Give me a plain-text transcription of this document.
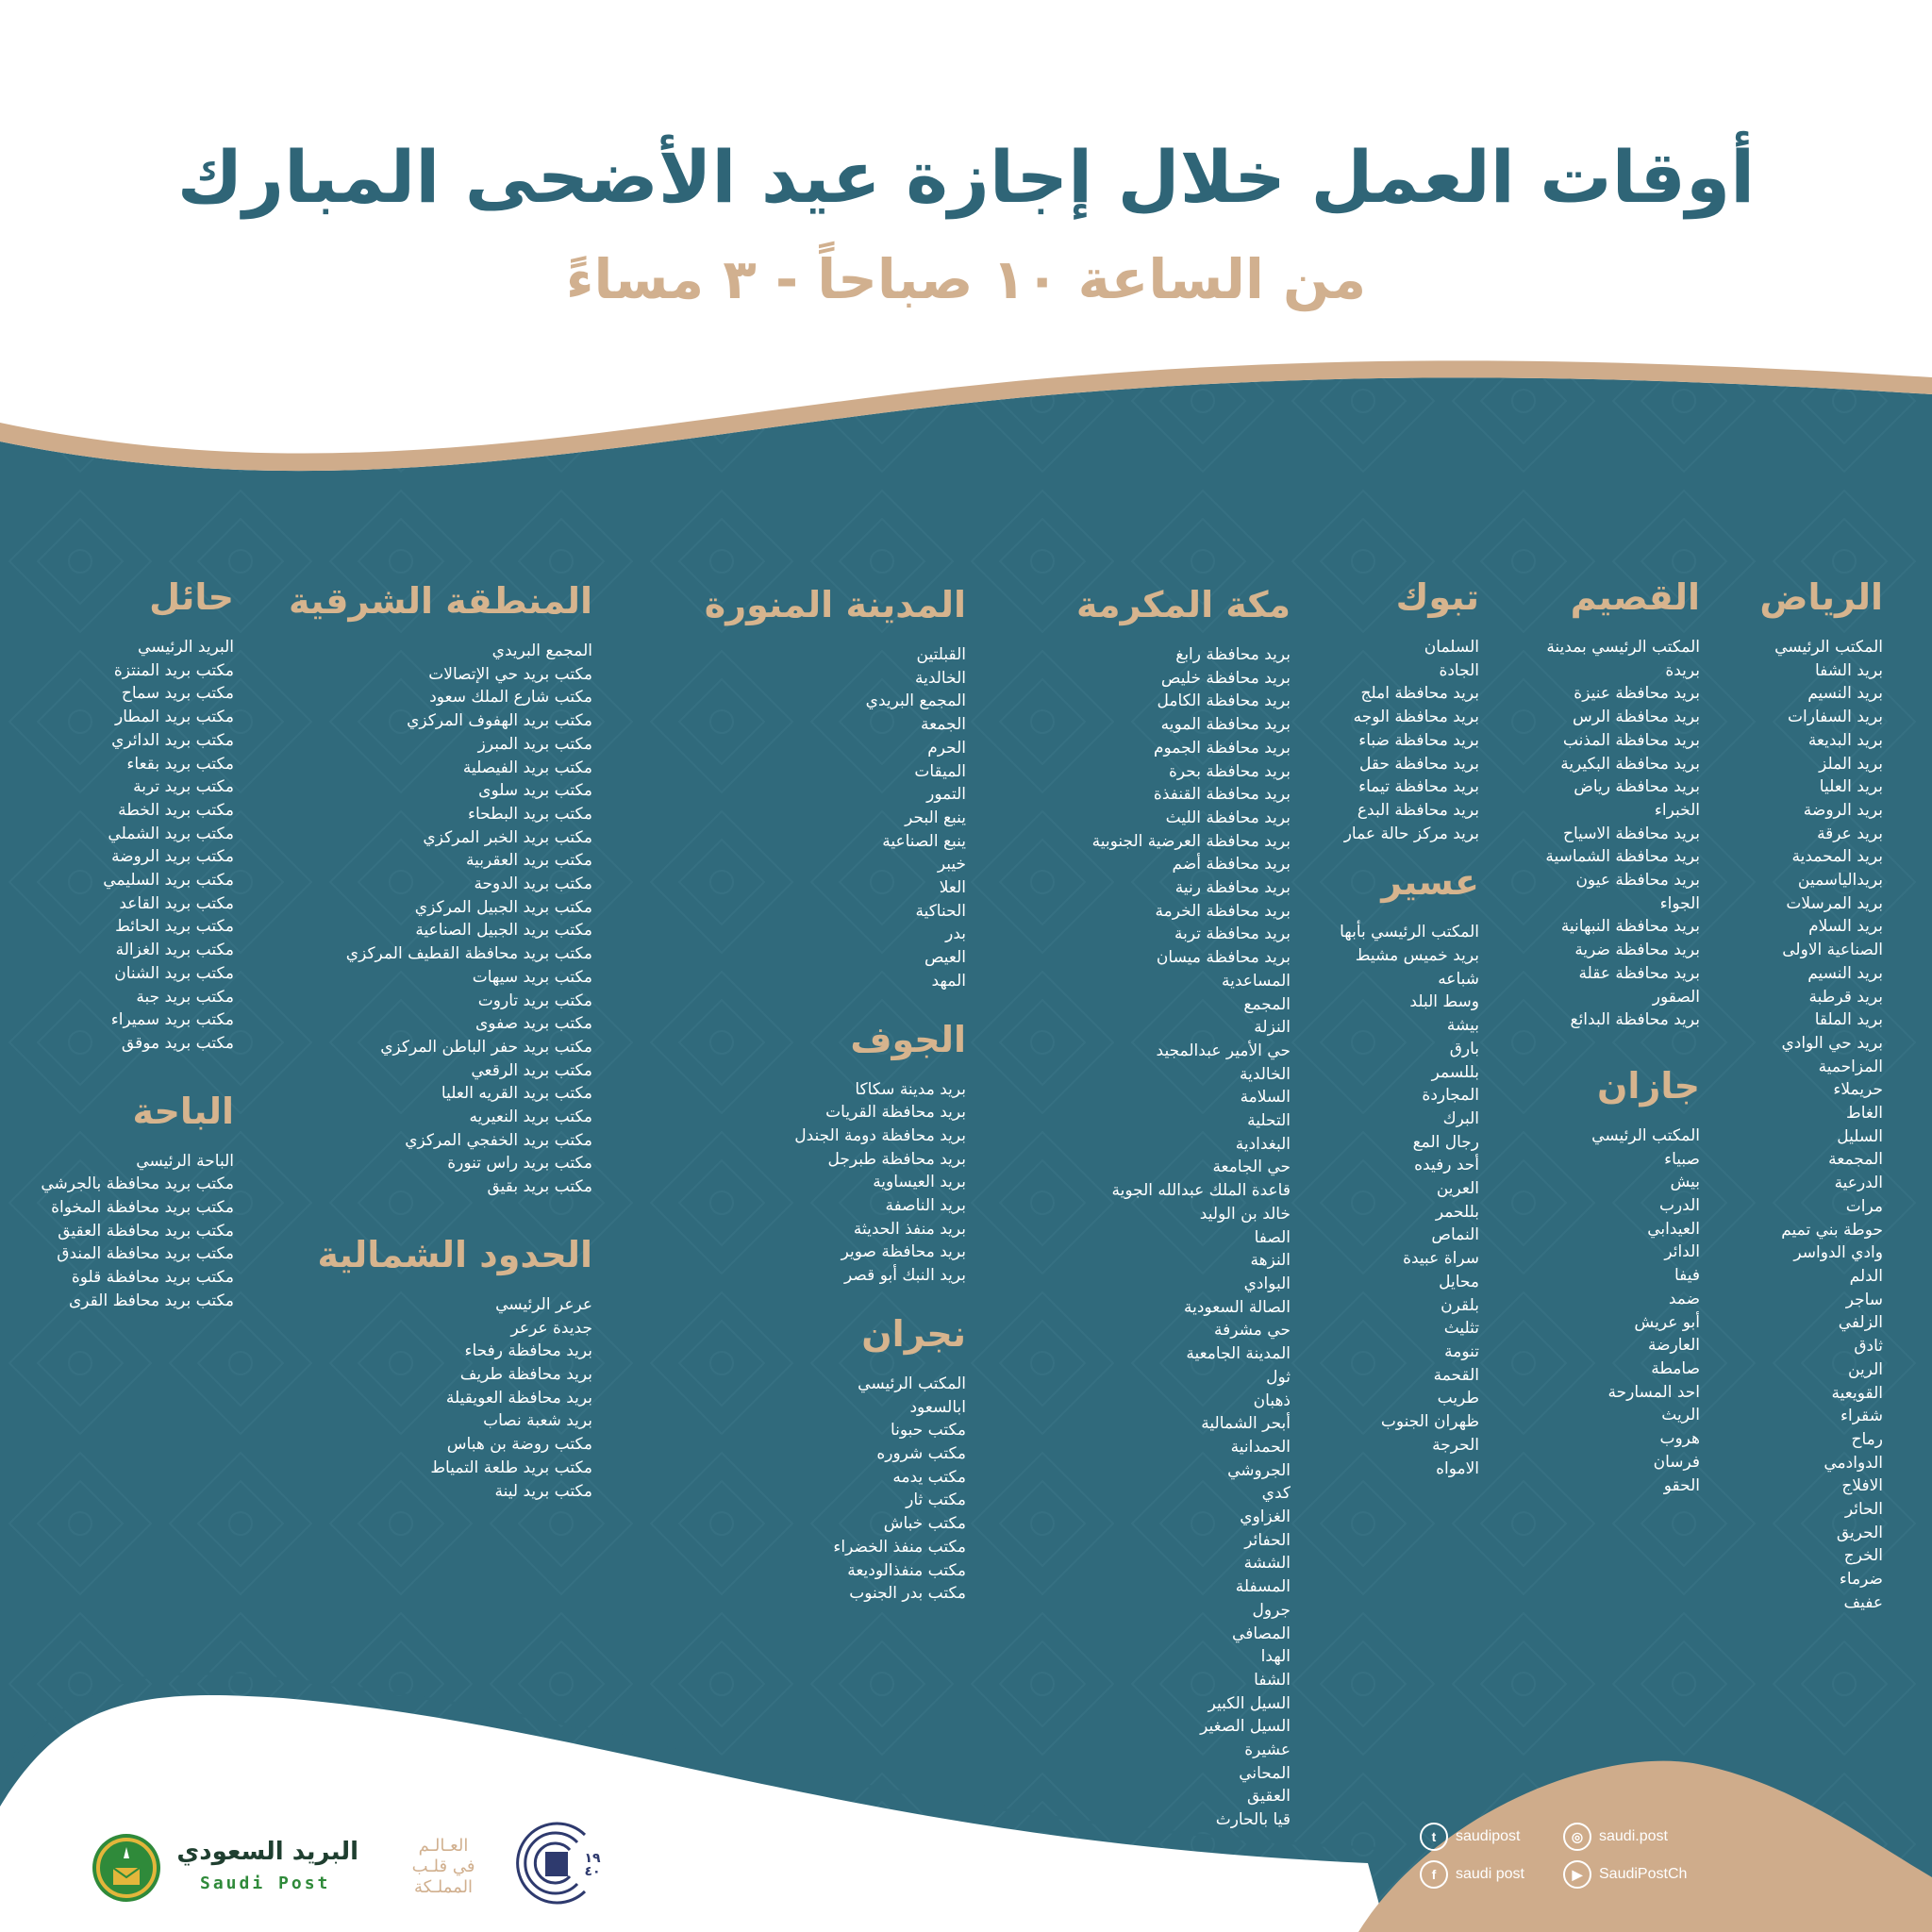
أوقات العمل خلال إجازة عيد الأضحى المبارك
من الساعة ١٠ صباحاً - ٣ مساءً
الرياض
المكتب الرئيسي
بريد الشفا
بريد النسيم
بريد السفارات
بريد البديعة
بريد الملز
بريد العليا
بريد الروضة
بريد عرقة
بريد المحمدية
بريدالياسمين
بريد المرسلات
بريد السلام
الصناعية الاولى
بريد النسيم
بريد قرطبة
بريد الملقا
بريد حي الوادي
المزاحمية
حريملاء
الغاط
السليل
المجمعة
الدرعية
مرات
حوطة بني تميم
وادي الدواسر
الدلم
ساجر
الزلفي
ثادق
الرين
القويعية
شقراء
رماح
الدوادمي
الافلاج
الحائر
الحريق
الخرج
ضرماء
عفيف
القصيم
المكتب الرئيسي بمدينة
بريدة
بريد محافظة عنيزة
بريد محافظة الرس
بريد محافظة المذنب
بريد محافظة البكيرية
بريد محافظة رياض
الخبراء
بريد محافظة الاسياح
بريد محافظة الشماسية
بريد محافظة عيون
الجواء
بريد محافظة النبهانية
بريد محافظة ضرية
بريد محافظة عقلة
الصقور
بريد محافظة البدائع
جازان
المكتب الرئيسي
صبياء
بيش
الدرب
العيدابي
الدائر
فيفا
ضمد
أبو عريش
العارضة
صامطة
احد المسارحة
الريث
هروب
فرسان
الحقو
تبوك
السلمان
الجادة
بريد محافظة املج
بريد محافظة الوجه
بريد محافظة ضباء
بريد محافظة حقل
بريد محافظة تيماء
بريد محافظة البدع
بريد مركز حالة عمار
عسير
المكتب الرئيسي بأبها
بريد خميس مشيط
شباعه
وسط البلد
بيشة
بارق
بللسمر
المجاردة
البرك
رجال المع
أحد رفيده
العرين
بللحمر
النماص
سراة عبيدة
محايل
بلقرن
تثليث
تنومة
القحمة
طريب
ظهران الجنوب
الحرجة
الامواه
مكة المكرمة
بريد محافظة رابغ
بريد محافظة خليص
بريد محافظة الكامل
بريد محافظة المويه
بريد محافظة الجموم
بريد محافظة بحرة
بريد محافظة القنفذة
بريد محافظة الليث
بريد محافظة العرضية الجنوبية
بريد محافظة أضم
بريد محافظة رنية
بريد محافظة الخرمة
بريد محافظة تربة
بريد محافظة ميسان
المساعدية
المجمع
النزلة
حي الأمير عبدالمجيد
الخالدية
السلامة
التحلية
البغدادية
حي الجامعة
قاعدة الملك عبدالله الجوية
خالد بن الوليد
الصفا
النزهة
البوادي
الصالة السعودية
حي مشرفة
المدينة الجامعية
ثول
ذهبان
أبحر الشمالية
الحمدانية
الجروشي
كدي
الغزاوي
الحفائر
الششة
المسفلة
جرول
المصافي
الهدا
الشفا
السيل الكبير
السيل الصغير
عشيرة
المحاني
العقيق
قيا بالحارث
المدينة المنورة
القبلتين
الخالدية
المجمع البريدي
الجمعة
الحرم
الميقات
التمور
ينبع البحر
ينبع الصناعية
خيبر
العلا
الحناكية
بدر
العيص
المهد
الجوف
بريد مدينة سكاكا
بريد محافظة القريات
بريد محافظة دومة الجندل
بريد محافظة طبرجل
بريد العيساوية
بريد الناصفة
بريد منفذ الحديثة
بريد محافظة صوير
بريد النبك أبو قصر
نجران
المكتب الرئيسي
ابالسعود
مكتب حبونا
مكتب شروره
مكتب يدمه
مكتب ثار
مكتب خباش
مكتب منفذ الخضراء
مكتب منفذالوديعة
مكتب بدر الجنوب
المنطقة الشرقية
المجمع البريدي
مكتب بريد حي الإتصالات
مكتب شارع الملك سعود
مكتب بريد الهفوف المركزي
مكتب بريد المبرز
مكتب بريد الفيصلية
مكتب بريد سلوى
مكتب بريد البطحاء
مكتب بريد الخبر المركزي
مكتب بريد العقربية
مكتب بريد الدوحة
مكتب بريد الجبيل المركزي
مكتب بريد الجبيل الصناعية
مكتب بريد محافظة القطيف المركزي
مكتب بريد سيهات
مكتب بريد تاروت
مكتب بريد صفوى
مكتب بريد حفر الباطن المركزي
مكتب بريد الرقعي
مكتب بريد القريه العليا
مكتب بريد النعيريه
مكتب بريد الخفجي المركزي
مكتب بريد راس تنورة
مكتب بريد بقيق
الحدود الشمالية
عرعر الرئيسي
جديدة عرعر
بريد محافظة رفحاء
بريد محافظة طريف
بريد محافظة العويقيلة
بريد شعبة نصاب
مكتب روضة بن هباس
مكتب بريد طلعة التمياط
مكتب بريد لينة
حائل
البريد الرئيسي
مكتب بريد المنتزة
مكتب بريد سماح
مكتب بريد المطار
مكتب بريد الدائري
مكتب بريد بقعاء
مكتب بريد تربة
مكتب بريد الخطة
مكتب بريد الشملي
مكتب بريد الروضة
مكتب بريد السليمي
مكتب بريد القاعد
مكتب بريد الحائط
مكتب بريد الغزالة
مكتب بريد الشنان
مكتب بريد جبة
مكتب بريد سميراء
مكتب بريد موقق
الباحة
الباحة الرئيسي
مكتب بريد محافظة بالجرشي
مكتب بريد محافظة المخواة
مكتب بريد محافظة العقيق
مكتب بريد محافظة المندق
مكتب بريد محافظة قلوة
مكتب بريد محافظ القرى
t	saudipost
f	saudi post
◎	saudi.post
▶	SaudiPostCh
البريد السعودي
Saudi Post
العـالـم
في قلـب
المملـكة
١٩٤٠
